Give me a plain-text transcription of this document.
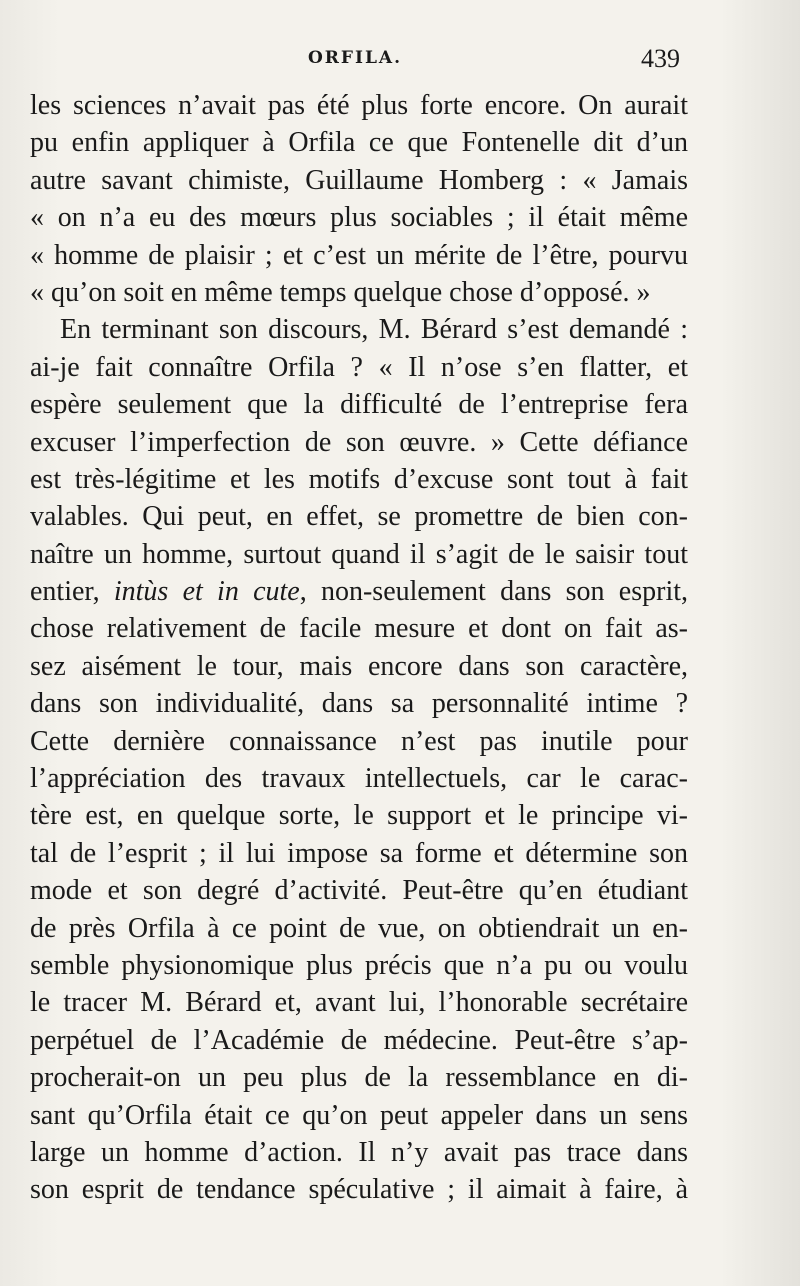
ORFILA.	439
les sciences n’avait pas été plus forte encore. On aurait
pu enfin appliquer à Orfila ce que Fontenelle dit d’un
autre savant chimiste, Guillaume Homberg : « Jamais
« on n’a eu des mœurs plus sociables ; il était même
« homme de plaisir ; et c’est un mérite de l’être, pourvu
« qu’on soit en même temps quelque chose d’opposé. »
En terminant son discours, M. Bérard s’est demandé :
ai-je fait connaître Orfila ? « Il n’ose s’en flatter, et
espère seulement que la difficulté de l’entreprise fera
excuser l’imperfection de son œuvre. » Cette défiance
est très-légitime et les motifs d’excuse sont tout à fait
valables. Qui peut, en effet, se promettre de bien con-
naître un homme, surtout quand il s’agit de le saisir tout
entier, intùs et in cute, non-seulement dans son esprit,
chose relativement de facile mesure et dont on fait as-
sez aisément le tour, mais encore dans son caractère,
dans son individualité, dans sa personnalité intime ?
Cette dernière connaissance n’est pas inutile pour
l’appréciation des travaux intellectuels, car le carac-
tère est, en quelque sorte, le support et le principe vi-
tal de l’esprit ; il lui impose sa forme et détermine son
mode et son degré d’activité. Peut-être qu’en étudiant
de près Orfila à ce point de vue, on obtiendrait un en-
semble physionomique plus précis que n’a pu ou voulu
le tracer M. Bérard et, avant lui, l’honorable secrétaire
perpétuel de l’Académie de médecine. Peut-être s’ap-
procherait-on un peu plus de la ressemblance en di-
sant qu’Orfila était ce qu’on peut appeler dans un sens
large un homme d’action. Il n’y avait pas trace dans
son esprit de tendance spéculative ; il aimait à faire, à
